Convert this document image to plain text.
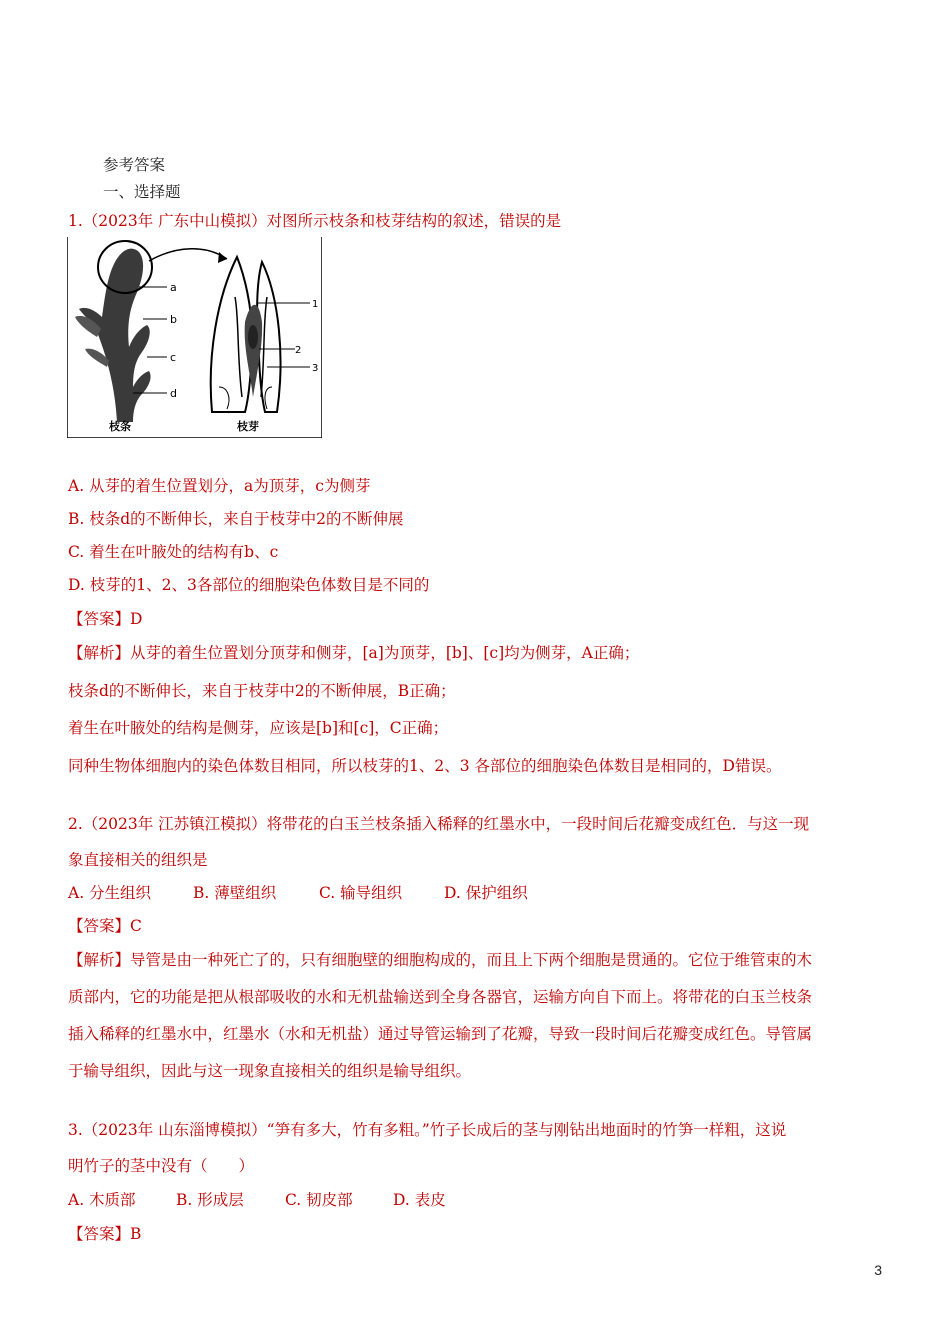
参考答案
一、选择题
1.（2023年 广东中山模拟）对图所示枝条和枝芽结构的叙述，错误的是
a
b
c
d
枝条
1
2
3
枝芽
A. 从芽的着生位置划分，a为顶芽，c为侧芽
B. 枝条d的不断伸长，来自于枝芽中2的不断伸展
C. 着生在叶腋处的结构有b、c
D. 枝芽的1、2、3各部位的细胞染色体数目是不同的
【答案】D
【解析】从芽的着生位置划分顶芽和侧芽，[a]为顶芽，[b]、[c]均为侧芽，A正确；
枝条d的不断伸长，来自于枝芽中2的不断伸展，B正确；
着生在叶腋处的结构是侧芽，应该是[b]和[c]，C正确；
同种生物体细胞内的染色体数目相同，所以枝芽的1、2、3 各部位的细胞染色体数目是相同的，D错误。
2.（2023年 江苏镇江模拟）将带花的白玉兰枝条插入稀释的红墨水中，一段时间后花瓣变成红色．与这一现
象直接相关的组织是
A. 分生组织	B. 薄壁组织	C. 输导组织	D. 保护组织
【答案】C
【解析】导管是由一种死亡了的，只有细胞壁的细胞构成的，而且上下两个细胞是贯通的。它位于维管束的木
质部内，它的功能是把从根部吸收的水和无机盐输送到全身各器官，运输方向自下而上。将带花的白玉兰枝条
插入稀释的红墨水中，红墨水（水和无机盐）通过导管运输到了花瓣，导致一段时间后花瓣变成红色。导管属
于输导组织，因此与这一现象直接相关的组织是输导组织。
3.（2023年 山东淄博模拟）“笋有多大，竹有多粗。”竹子长成后的茎与刚钻出地面时的竹笋一样粗，这说
明竹子的茎中没有（　　）
A. 木质部	B. 形成层	C. 韧皮部	D. 表皮
【答案】B
3
